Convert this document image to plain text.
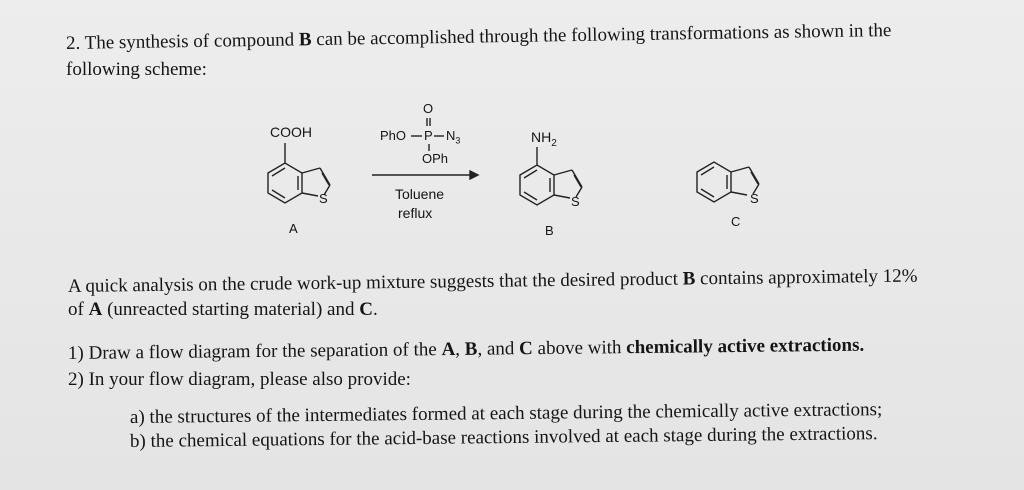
2. The synthesis of compound B can be accomplished through the following transformations as shown in the
following scheme:
COOH
S
A
O
PhO P $N_3$
OPh
Toluene
reflux
$NH_2$
S
B
S
C
A quick analysis on the crude work-up mixture suggests that the desired product B contains approximately 12%
of A (unreacted starting material) and C.
1) Draw a flow diagram for the separation of the A, B, and C above with chemically active extractions.
2) In your flow diagram, please also provide:
a) the structures of the intermediates formed at each stage during the chemically active extractions;
b) the chemical equations for the acid-base reactions involved at each stage during the extractions.
